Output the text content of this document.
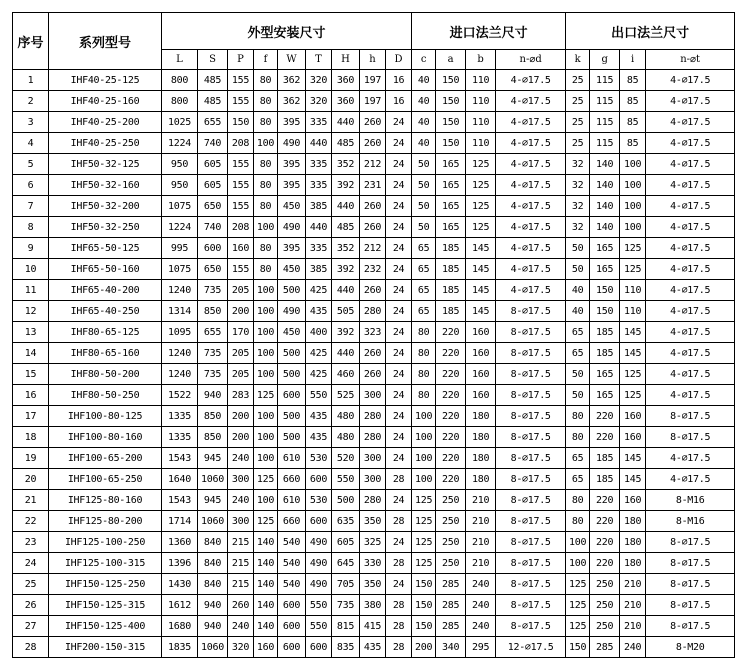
序号	系列型号	外型安装尺寸									进口法兰尺寸				出口法兰尺寸			
		L	S	P	f	W	T	H	h	D	c	a	b	n-⌀d	k	g	i	n-⌀t
1	IHF40-25-125	800	485	155	80	362	320	360	197	16	40	150	110	4-⌀17.5	25	115	85	4-⌀17.5
2	IHF40-25-160	800	485	155	80	362	320	360	197	16	40	150	110	4-⌀17.5	25	115	85	4-⌀17.5
3	IHF40-25-200	1025	655	150	80	395	335	440	260	24	40	150	110	4-⌀17.5	25	115	85	4-⌀17.5
4	IHF40-25-250	1224	740	208	100	490	440	485	260	24	40	150	110	4-⌀17.5	25	115	85	4-⌀17.5
5	IHF50-32-125	950	605	155	80	395	335	352	212	24	50	165	125	4-⌀17.5	32	140	100	4-⌀17.5
6	IHF50-32-160	950	605	155	80	395	335	392	231	24	50	165	125	4-⌀17.5	32	140	100	4-⌀17.5
7	IHF50-32-200	1075	650	155	80	450	385	440	260	24	50	165	125	4-⌀17.5	32	140	100	4-⌀17.5
8	IHF50-32-250	1224	740	208	100	490	440	485	260	24	50	165	125	4-⌀17.5	32	140	100	4-⌀17.5
9	IHF65-50-125	995	600	160	80	395	335	352	212	24	65	185	145	4-⌀17.5	50	165	125	4-⌀17.5
10	IHF65-50-160	1075	650	155	80	450	385	392	232	24	65	185	145	4-⌀17.5	50	165	125	4-⌀17.5
11	IHF65-40-200	1240	735	205	100	500	425	440	260	24	65	185	145	4-⌀17.5	40	150	110	4-⌀17.5
12	IHF65-40-250	1314	850	200	100	490	435	505	280	24	65	185	145	8-⌀17.5	40	150	110	4-⌀17.5
13	IHF80-65-125	1095	655	170	100	450	400	392	323	24	80	220	160	8-⌀17.5	65	185	145	4-⌀17.5
14	IHF80-65-160	1240	735	205	100	500	425	440	260	24	80	220	160	8-⌀17.5	65	185	145	4-⌀17.5
15	IHF80-50-200	1240	735	205	100	500	425	460	260	24	80	220	160	8-⌀17.5	50	165	125	4-⌀17.5
16	IHF80-50-250	1522	940	283	125	600	550	525	300	24	80	220	160	8-⌀17.5	50	165	125	4-⌀17.5
17	IHF100-80-125	1335	850	200	100	500	435	480	280	24	100	220	180	8-⌀17.5	80	220	160	8-⌀17.5
18	IHF100-80-160	1335	850	200	100	500	435	480	280	24	100	220	180	8-⌀17.5	80	220	160	8-⌀17.5
19	IHF100-65-200	1543	945	240	100	610	530	520	300	24	100	220	180	8-⌀17.5	65	185	145	4-⌀17.5
20	IHF100-65-250	1640	1060	300	125	660	600	550	300	28	100	220	180	8-⌀17.5	65	185	145	4-⌀17.5
21	IHF125-80-160	1543	945	240	100	610	530	500	280	24	125	250	210	8-⌀17.5	80	220	160	8-M16
22	IHF125-80-200	1714	1060	300	125	660	600	635	350	28	125	250	210	8-⌀17.5	80	220	180	8-M16
23	IHF125-100-250	1360	840	215	140	540	490	605	325	24	125	250	210	8-⌀17.5	100	220	180	8-⌀17.5
24	IHF125-100-315	1396	840	215	140	540	490	645	330	28	125	250	210	8-⌀17.5	100	220	180	8-⌀17.5
25	IHF150-125-250	1430	840	215	140	540	490	705	350	24	150	285	240	8-⌀17.5	125	250	210	8-⌀17.5
26	IHF150-125-315	1612	940	260	140	600	550	735	380	28	150	285	240	8-⌀17.5	125	250	210	8-⌀17.5
27	IHF150-125-400	1680	940	240	140	600	550	815	415	28	150	285	240	8-⌀17.5	125	250	210	8-⌀17.5
28	IHF200-150-315	1835	1060	320	160	600	600	835	435	28	200	340	295	12-⌀17.5	150	285	240	8-M20
